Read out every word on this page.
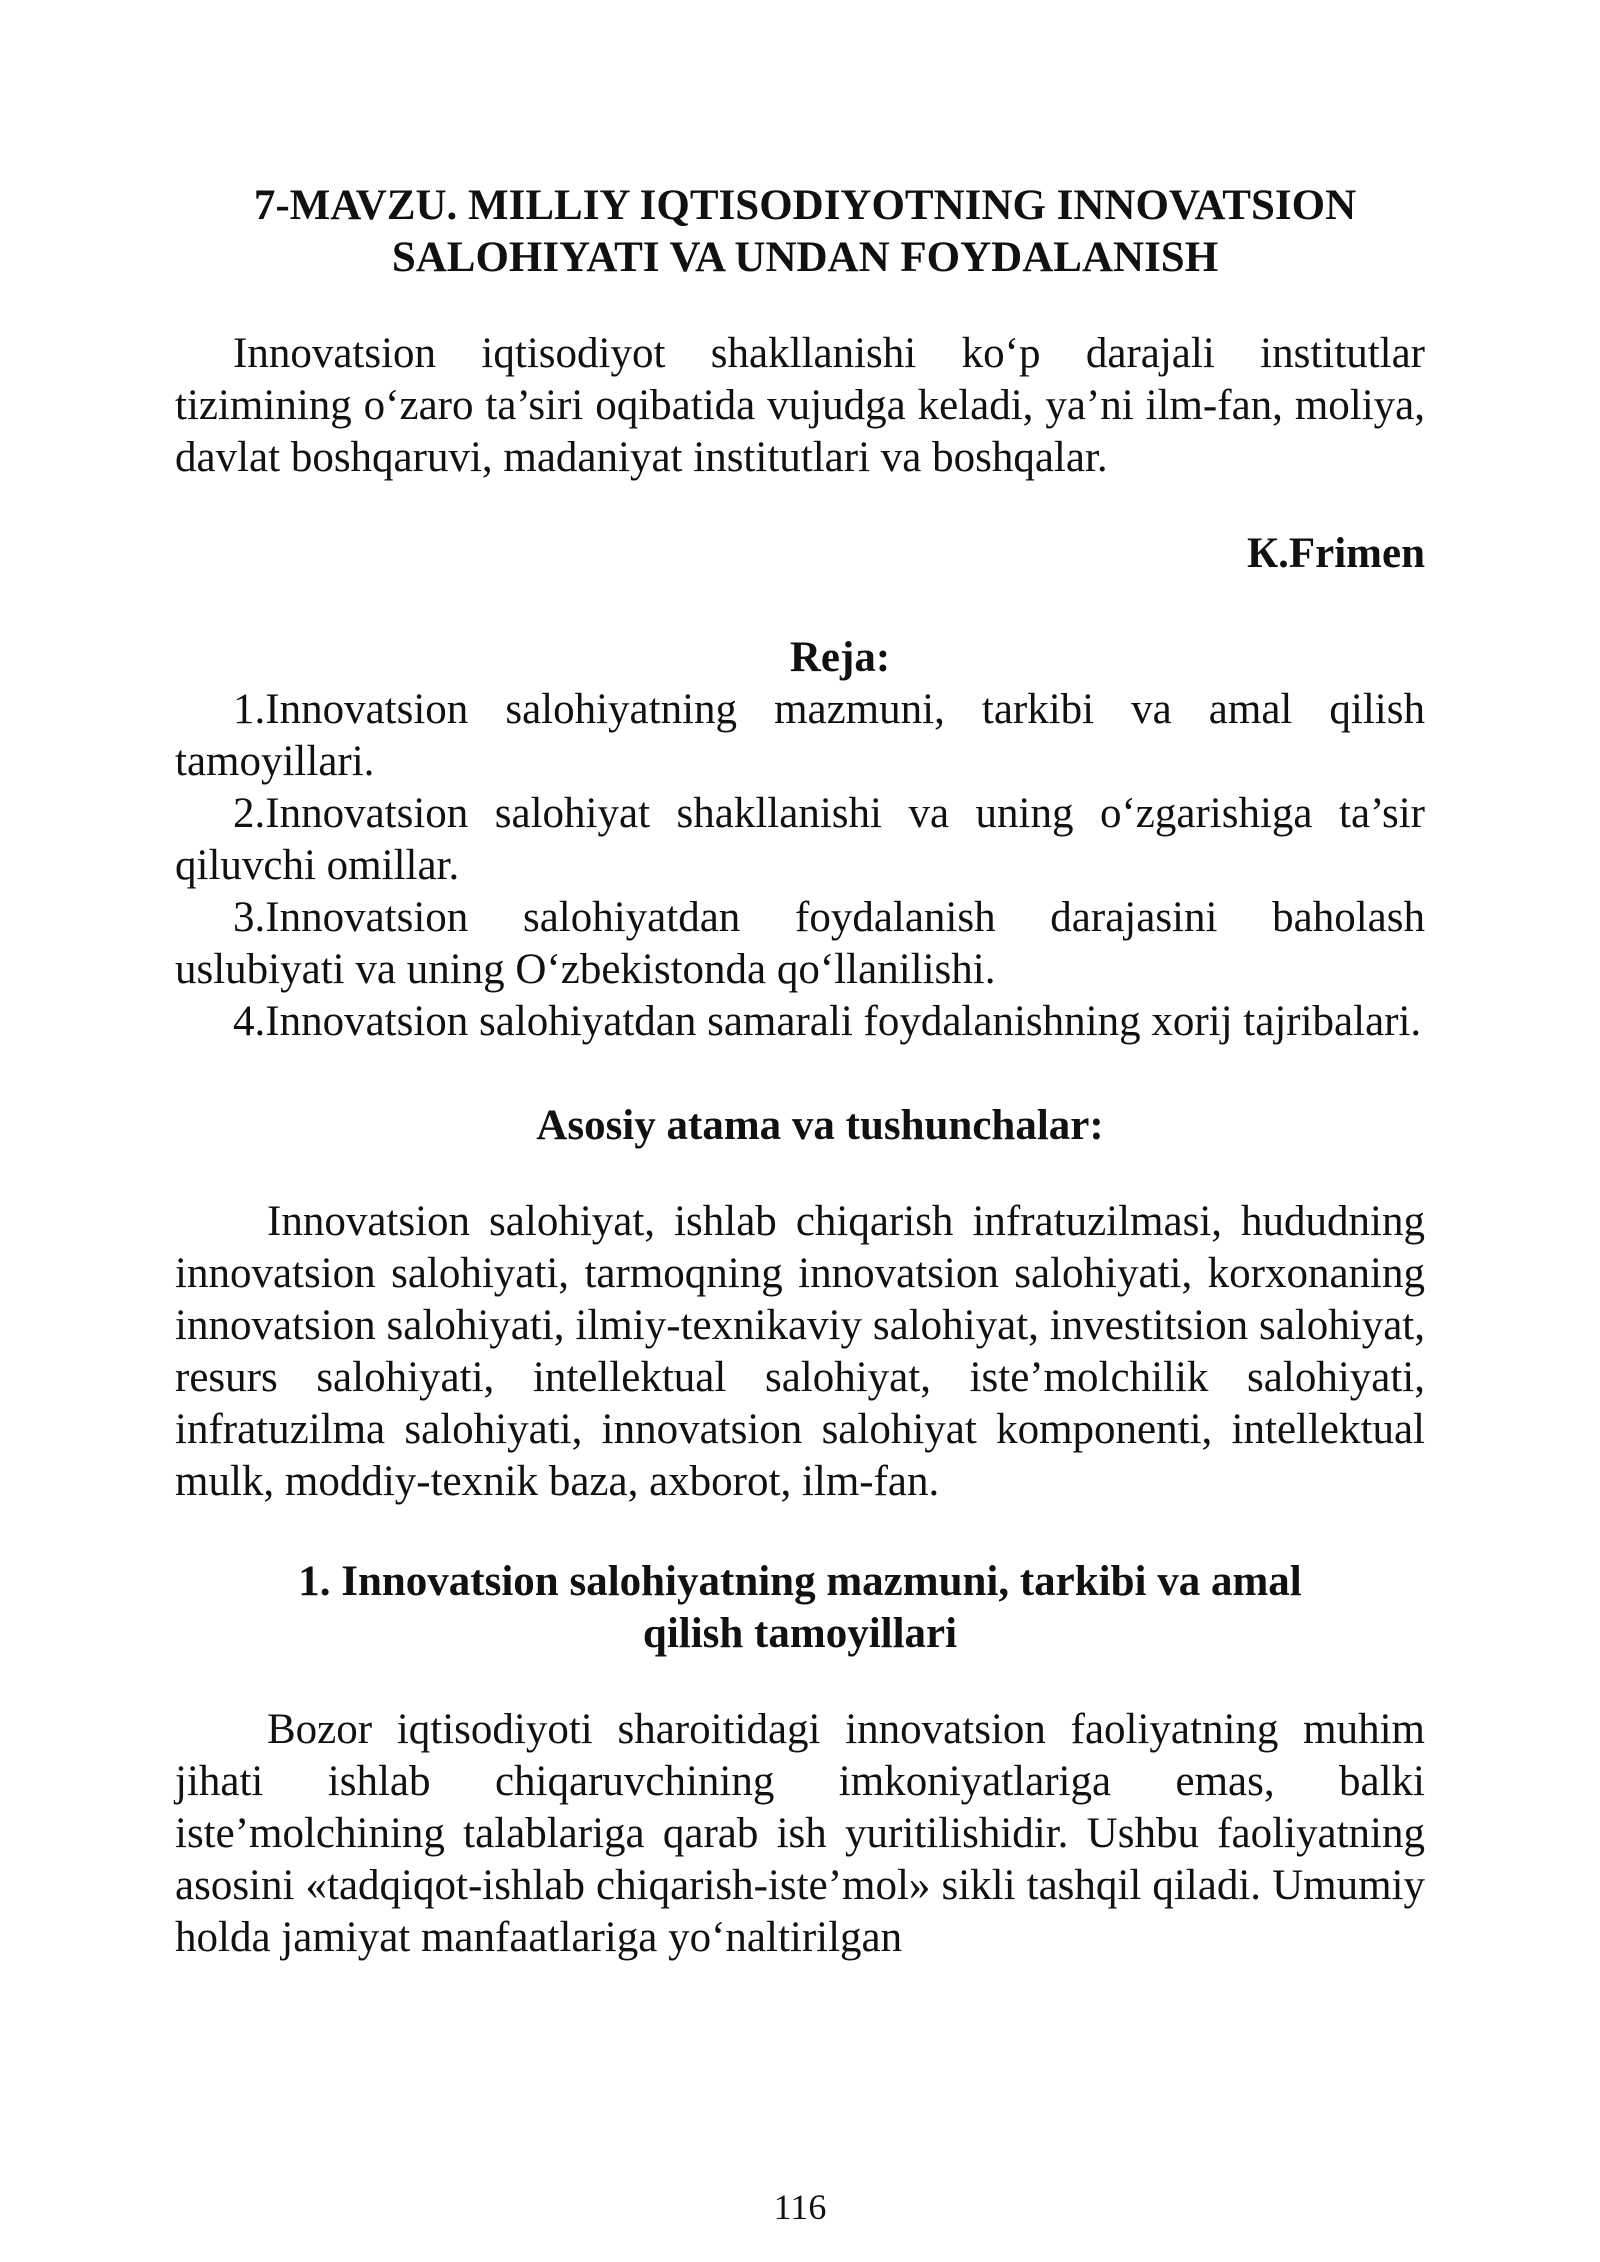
7-MAVZU. MILLIY IQTISODIYOTNING INNOVATSION
SALOHIYATI VA UNDAN FOYDALANISH

Innovatsion iqtisodiyot shakllanishi ko‘p darajali institutlar tizimining o‘zaro ta’siri oqibatida vujudga keladi, ya’ni ilm-fan, moliya, davlat boshqaruvi, madaniyat institutlari va boshqalar.

К.Frimen

Reja:

1.Innovatsion salohiyatning mazmuni, tarkibi va amal qilish tamoyillari.

2.Innovatsion salohiyat shakllanishi va uning o‘zgarishiga ta’sir qiluvchi omillar.

3.Innovatsion salohiyatdan foydalanish darajasini baholash uslubiyati va uning O‘zbekistonda qo‘llanilishi.

4.Innovatsion salohiyatdan samarali foydalanishning xorij tajribalari.

Asosiy atama va tushunchalar:

Innovatsion salohiyat, ishlab chiqarish infratuzilmasi, hududning innovatsion salohiyati, tarmoqning innovatsion salohiyati, korxonaning innovatsion salohiyati, ilmiy-texnikaviy salohiyat, investitsion salohiyat, resurs salohiyati, intellektual salohiyat, iste’molchilik salohiyati, infratuzilma salohiyati, innovatsion salohiyat komponenti, intellektual mulk, moddiy-texnik baza, axborot, ilm-fan.

1. Innovatsion salohiyatning mazmuni, tarkibi va amal
qilish tamoyillari

Bozor iqtisodiyoti sharoitidagi innovatsion faoliyatning muhim jihati ishlab chiqaruvchining imkoniyatlariga emas, balki iste’molchining talablariga qarab ish yuritilishidir. Ushbu faoliyatning asosini «tadqiqot-ishlab chiqarish-iste’mol» sikli tashqil qiladi. Umumiy holda jamiyat manfaatlariga yo‘naltirilgan

116
